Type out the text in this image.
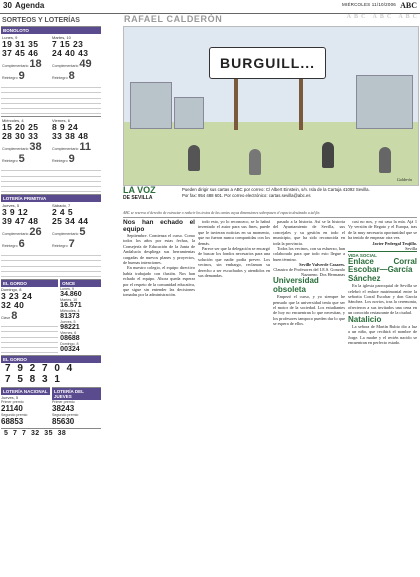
30 Agenda	MIÉRCOLES 11/10/2006 ABC
ABC ABC ABC
SORTEOS Y LOTERÍAS
BONOLOTO
Lunes, 9
19 31 35
37 45 46
Complementario 18
Reintegro 9
Martes, 10
7 15 23
24 40 43
Complementario 49
Reintegro 8

Miércoles, 4
15 20 25
28 30 33
Complementario 38
Reintegro 5
Viernes, 6
8 9 24
33 38 48
Complementario 11
Reintegro 9

LOTERÍA PRIMITIVA
Jueves, 5
3 9 12
39 47 48
Complementario 26
Reintegro 6
Sábado, 7
2 4 5
25 34 44
Complementario 5
Reintegro 7

EL GORDO
Domingo, 8
3 23 24
32 40
Clave 8

ONCE
Lunes, 9
34.860
Martes, 10
16.571
Miércoles, 4
81373
Jueves, 5
98221
Viernes, 6
08688
Domingo, 8
00324
EL GORDO
7 9 2 7 0 4
7 5 8 3 1
LOTERÍA NACIONAL
Jueves, 5
Primer premio
21140
Segundo premio
68853
LOTERÍA DEL JUEVES
Primer premio
38243
Segundo premio
85630
5 7 7 32 35 38
RAFAEL CALDERÓN
BURGUILL...
Calderón
LA VOZ
DE SEVILLA
Pueden dirigir sus cartas a ABC por correo: C/ Albert Einstein, s/n. Isla de la Cartuja 41092 Sevilla.
Por fax: 954 488 601. Por correo electrónico: cartas.sevilla@abc.es
ABC se reserva el derecho de extractar o reducir los textos de las cartas cuyas dimensiones sobrepasen el espacio destinado a tal fin.

Nos han echado el equipo

Septiembre. Comienza el curso. Como todos los años por estas fechas, la Consejería de Educación de la Junta de Andalucía despliega sus herramientas cargadas de nuevos planes y proyectos, de buenas intenciones.

En nuestro colegio, el equipo directivo había trabajado con ilusión. Nos han echado el equipo. Ahora queda esperar por el respeto de la comunidad educativa, que sigue sin entender las decisiones tomadas por la administración.

todo esto, yo lo reconozco, se lo habrá inventado el autor para sus fines, puede que le tuvieran noticias en su momento, que no fueron nunca compartidas con los demás.

Parece ser que la delegación se encargó de buscar los fondos necesarios para una solución que nadie podía prever. Los vecinos, sin embargo, reclaman su derecho a ser escuchados y atendidos en sus demandas.

pasado a la historia. Así se la historia del Ayuntamiento de Sevilla, sus concejales y su gestión en todo el municipio, que ha sido reconocida en toda la provincia.

Todos los vecinos, con su esfuerzo, han colaborado para que todo esto llegue a buen término.

Seville Valverde Casares.

Claustro de Profesores del I.E.S. Gonzalo Nazareno. Dos Hermanas

Universidad obsoleta

Empezó el curso, y yo siempre he pensado que la universidad tenía que ser el motor de la sociedad. Los estudiantes de hoy no encuentran lo que necesitan, y los profesores tampoco pueden dar lo que se espera de ellos.

casi no nos, y mi casa la mía. Ajá 1 Vy versión de Regato y el Europa, tras de la muy necesaria oportunidad que se ha tenido de empezar otra vez.

Javier Pedregal Trujillo.

Sevilla

VIDA SOCIAL

Enlace Corral Escobar—García Sánchez

En la iglesia parroquial de Sevilla se celebró el enlace matrimonial entre la señorita Corral Escobar y don García Sánchez. Los novios, tras la ceremonia, ofrecieron a sus invitados una cena en un conocido restaurante de la ciudad.

Natalicio

La señora de Martín Rubio dio a luz a un niño, que recibirá el nombre de Jorge. La madre y el recién nacido se encuentran en perfecto estado.
